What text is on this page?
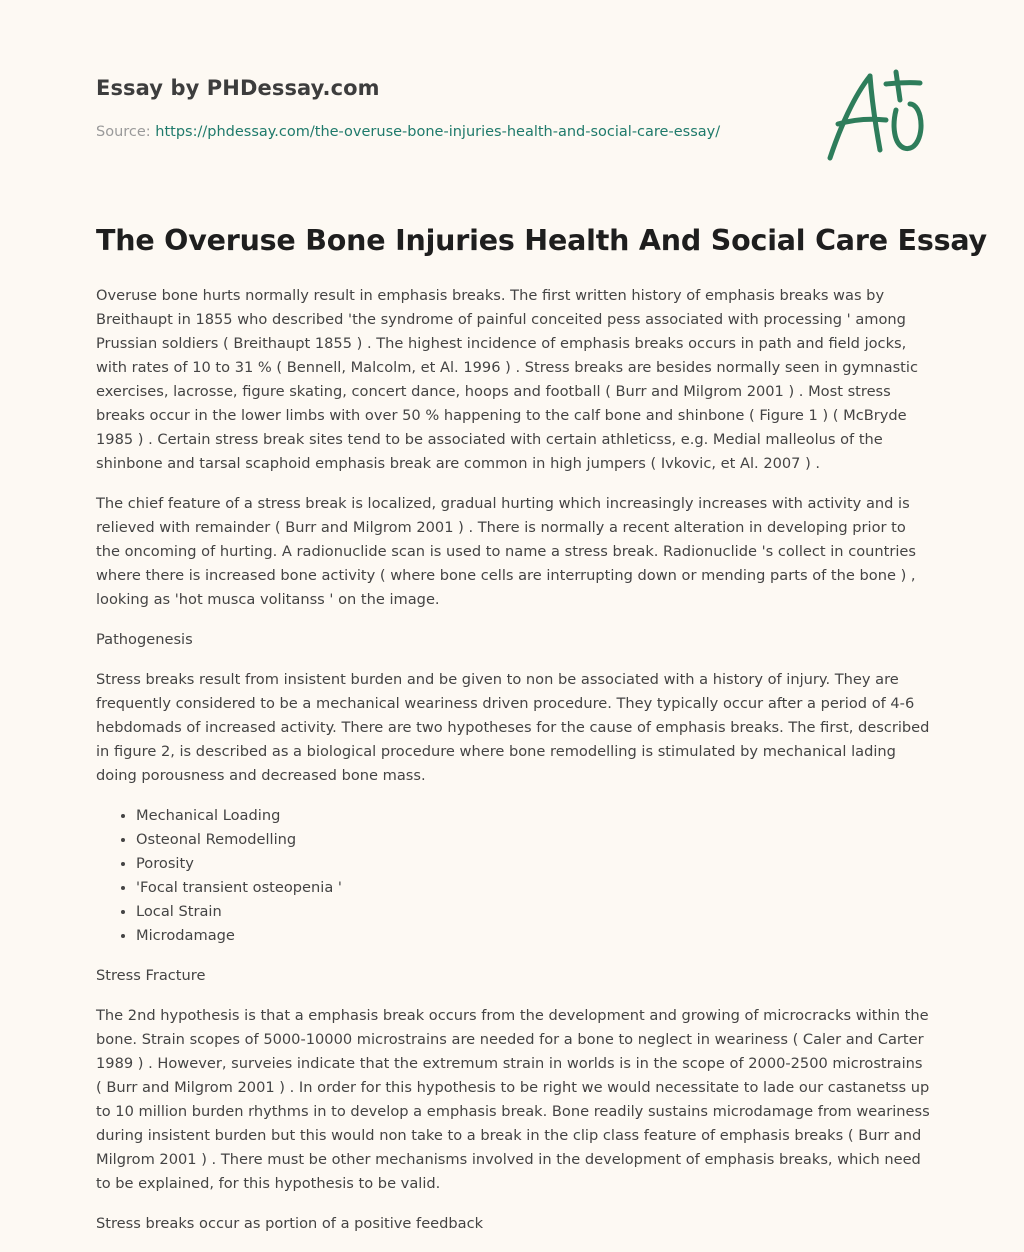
Essay by PHDessay.com
Source: https://phdessay.com/the-overuse-bone-injuries-health-and-social-care-essay/
The Overuse Bone Injuries Health And Social Care Essay

Overuse bone hurts normally result in emphasis breaks. The first written history of emphasis breaks was by Breithaupt in 1855 who described 'the syndrome of painful conceited pess associated with processing ' among Prussian soldiers ( Breithaupt 1855 ) . The highest incidence of emphasis breaks occurs in path and field jocks, with rates of 10 to 31 % ( Bennell, Malcolm, et Al. 1996 ) . Stress breaks are besides normally seen in gymnastic exercises, lacrosse, figure skating, concert dance, hoops and football ( Burr and Milgrom 2001 ) . Most stress breaks occur in the lower limbs with over 50 % happening to the calf bone and shinbone ( Figure 1 ) ( McBryde 1985 ) . Certain stress break sites tend to be associated with certain athleticss, e.g. Medial malleolus of the shinbone and tarsal scaphoid emphasis break are common in high jumpers ( Ivkovic, et Al. 2007 ) .

The chief feature of a stress break is localized, gradual hurting which increasingly increases with activity and is relieved with remainder ( Burr and Milgrom 2001 ) . There is normally a recent alteration in developing prior to the oncoming of hurting. A radionuclide scan is used to name a stress break. Radionuclide 's collect in countries where there is increased bone activity ( where bone cells are interrupting down or mending parts of the bone ) , looking as 'hot musca volitanss ' on the image.

Pathogenesis

Stress breaks result from insistent burden and be given to non be associated with a history of injury. They are frequently considered to be a mechanical weariness driven procedure. They typically occur after a period of 4-6 hebdomads of increased activity. There are two hypotheses for the cause of emphasis breaks. The first, described in figure 2, is described as a biological procedure where bone remodelling is stimulated by mechanical lading doing porousness and decreased bone mass.

• Mechanical Loading
• Osteonal Remodelling
• Porosity
• 'Focal transient osteopenia '
• Local Strain
• Microdamage

Stress Fracture

The 2nd hypothesis is that a emphasis break occurs from the development and growing of microcracks within the bone. Strain scopes of 5000-10000 microstrains are needed for a bone to neglect in weariness ( Caler and Carter 1989 ) . However, surveies indicate that the extremum strain in worlds is in the scope of 2000-2500 microstrains ( Burr and Milgrom 2001 ) . In order for this hypothesis to be right we would necessitate to lade our castanetss up to 10 million burden rhythms in to develop a emphasis break. Bone readily sustains microdamage from weariness during insistent burden but this would non take to a break in the clip class feature of emphasis breaks ( Burr and Milgrom 2001 ) . There must be other mechanisms involved in the development of emphasis breaks, which need to be explained, for this hypothesis to be valid.

Stress breaks occur as portion of a positive feedback
